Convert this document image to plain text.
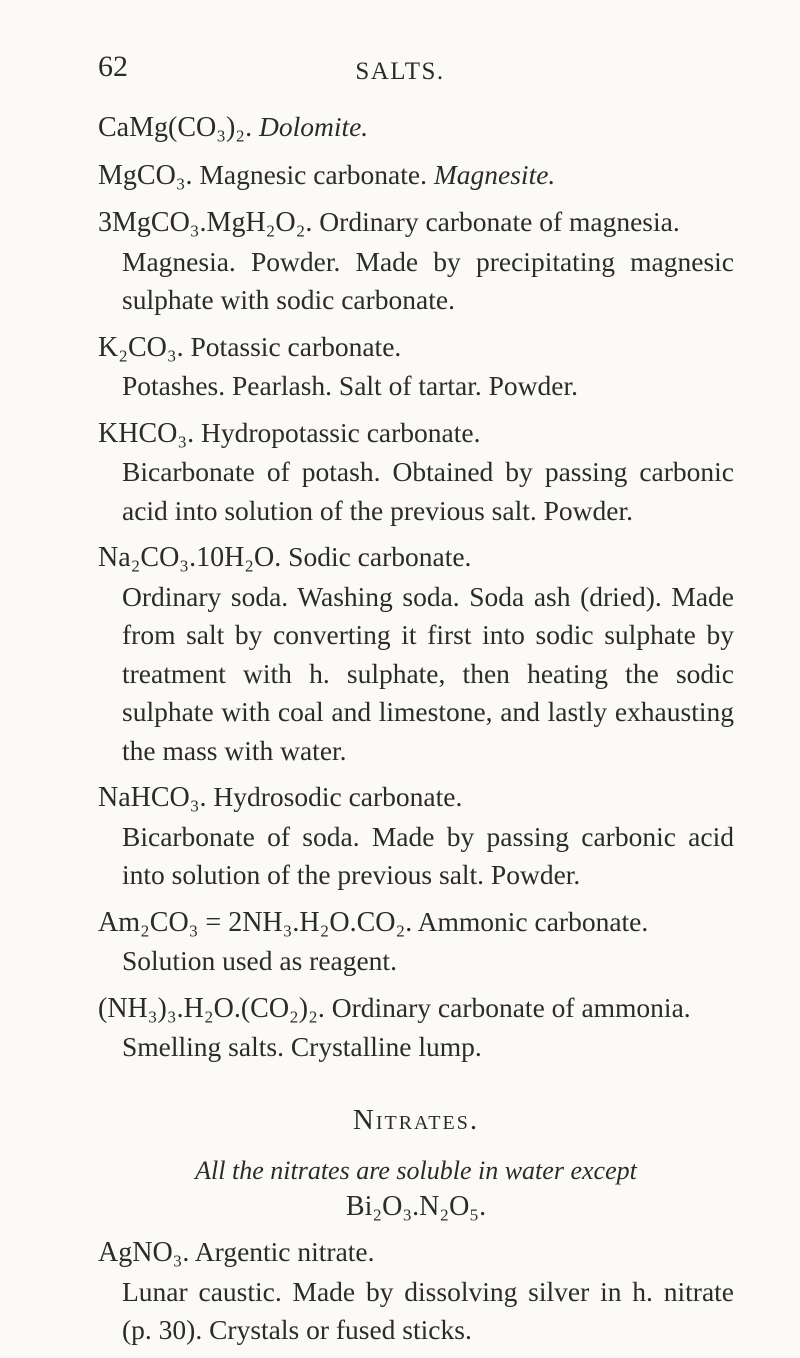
62	SALTS.

CaMg(CO₃)₂. Dolomite.

MgCO₃. Magnesic carbonate. Magnesite.

3MgCO₃.MgH₂O₂. Ordinary carbonate of magnesia.
Magnesia. Powder. Made by precipitating magnesic sulphate with sodic carbonate.

K₂CO₃. Potassic carbonate.
Potashes. Pearlash. Salt of tartar. Powder.

KHCO₃. Hydropotassic carbonate.
Bicarbonate of potash. Obtained by passing carbonic acid into solution of the previous salt. Powder.

Na₂CO₃.10H₂O. Sodic carbonate.
Ordinary soda. Washing soda. Soda ash (dried). Made from salt by converting it first into sodic sulphate by treatment with h. sulphate, then heating the sodic sulphate with coal and limestone, and lastly exhausting the mass with water.

NaHCO₃. Hydrosodic carbonate.
Bicarbonate of soda. Made by passing carbonic acid into solution of the previous salt. Powder.

Am₂CO₃ = 2NH₃.H₂O.CO₂. Ammonic carbonate.
Solution used as reagent.

(NH₃)₃.H₂O.(CO₂)₂. Ordinary carbonate of ammonia.
Smelling salts. Crystalline lump.

Nitrates.

All the nitrates are soluble in water except
Bi₂O₃.N₂O₅.

AgNO₃. Argentic nitrate.
Lunar caustic. Made by dissolving silver in h. nitrate (p. 30). Crystals or fused sticks.
